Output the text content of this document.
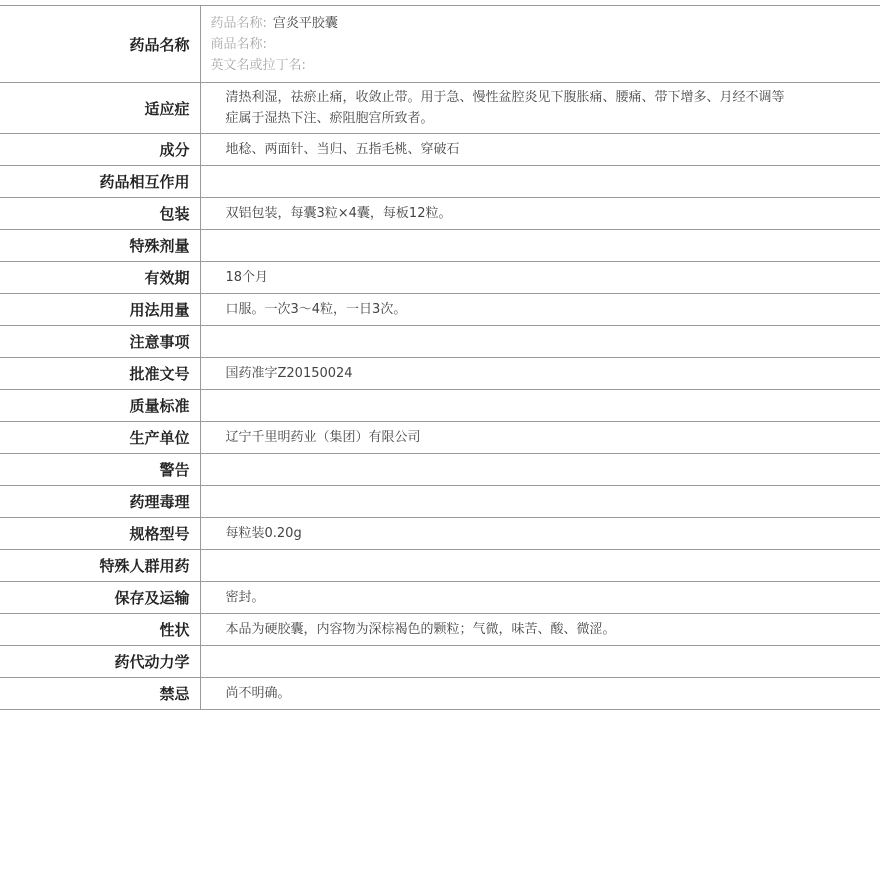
药品名称	药品名称: 宫炎平胶囊
商品名称:
英文名或拉丁名:

适应症	清热利湿，祛瘀止痛，收敛止带。用于急、慢性盆腔炎见下腹胀痛、腰痛、带下增多、月经不调等症属于湿热下注、瘀阻胞宫所致者。

成分	地稔、两面针、当归、五指毛桃、穿破石
药品相互作用	
包装	双铝包装，每囊3粒×4囊，每板12粒。
特殊剂量	
有效期	18个月
用法用量	口服。一次3～4粒，一日3次。
注意事项	
批准文号	国药准字Z20150024
质量标准	
生产单位	辽宁千里明药业（集团）有限公司
警告	
药理毒理	
规格型号	每粒装0.20g
特殊人群用药	
保存及运输	密封。
性状	本品为硬胶囊，内容物为深棕褐色的颗粒；气微，味苦、酸、微涩。
药代动力学	
禁忌	尚不明确。
